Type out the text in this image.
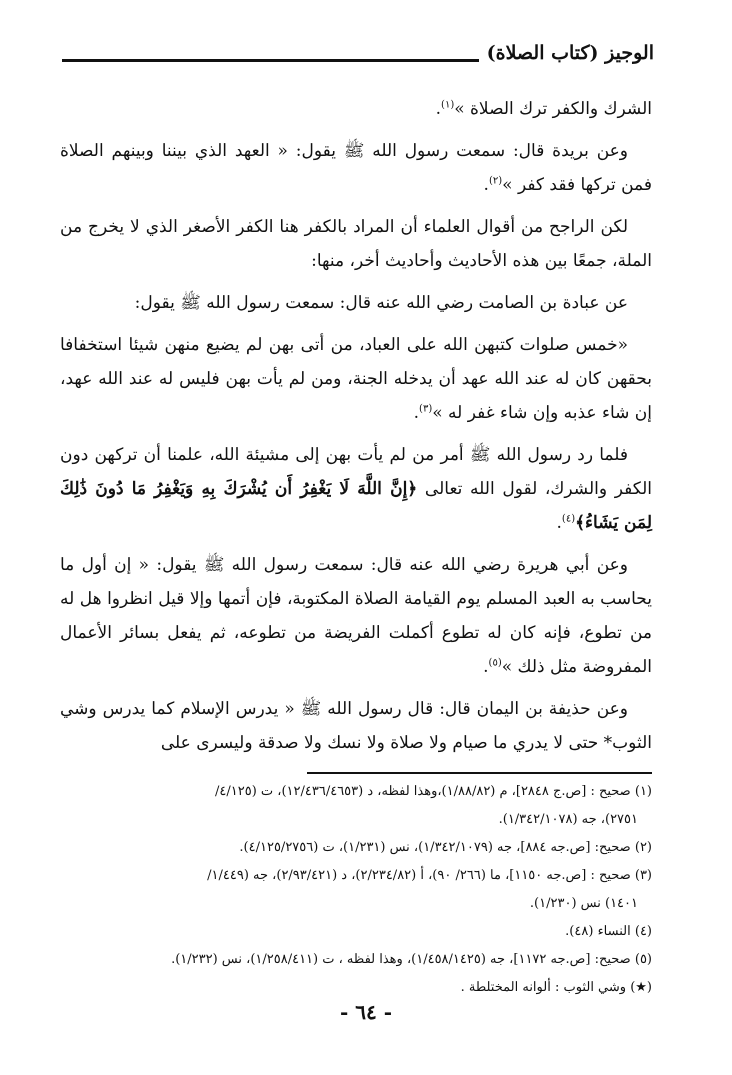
الوجيز (كتاب الصلاة)

الشرك والكفر ترك الصلاة »$^{(١)}$.

وعن بريدة قال: سمعت رسول الله ﷺ يقول: « العهد الذي بيننا وبينهم الصلاة فمن تركها فقد كفر »$^{(٢)}$.

لكن الراجح من أقوال العلماء أن المراد بالكفر هنا الكفر الأصغر الذي لا يخرج من الملة، جمعًا بين هذه الأحاديث وأحاديث أخر، منها:

عن عبادة بن الصامت رضي الله عنه قال: سمعت رسول الله ﷺ يقول:

«خمس صلوات كتبهن الله على العباد، من أتى بهن لم يضيع منهن شيئا استخفافا بحقهن كان له عند الله عهد أن يدخله الجنة، ومن لم يأت بهن فليس له عند الله عهد، إن شاء عذبه وإن شاء غفر له »$^{(٣)}$.

فلما رد رسول الله ﷺ أمر من لم يأت بهن إلى مشيئة الله، علمنا أن تركهن دون الكفر والشرك، لقول الله تعالى ﴿إِنَّ اللَّهَ لَا يَغْفِرُ أَن يُشْرَكَ بِهِ وَيَغْفِرُ مَا دُونَ ذَٰلِكَ لِمَن يَشَاءُ﴾$^{(٤)}$.

وعن أبي هريرة رضي الله عنه قال: سمعت رسول الله ﷺ يقول: « إن أول ما يحاسب به العبد المسلم يوم القيامة الصلاة المكتوبة، فإن أتمها وإلا قيل انظروا هل له من تطوع، فإنه كان له تطوع أكملت الفريضة من تطوعه، ثم يفعل بسائر الأعمال المفروضة مثل ذلك »$^{(٥)}$.

وعن حذيفة بن اليمان قال: قال رسول الله ﷺ « يدرس الإسلام كما يدرس وشي الثوب* حتى لا يدري ما صيام ولا صلاة ولا نسك ولا صدقة وليسرى على

(١) صحيح : [ص.ج ٢٨٤٨]، م (١/٨٨/٨٢)،وهذا لفظه، د (١٢/٤٣٦/٤٦٥٣)، ت (٤/١٢٥/
٢٧٥١)، جه (١/٣٤٢/١٠٧٨).
(٢) صحيح: [ص.جه ٨٨٤]، جه (١/٣٤٢/١٠٧٩)، نس (١/٢٣١)، ت (٤/١٢٥/٢٧٥٦).
(٣) صحيح : [ص.جه ١١٥٠]، ما (٢٦٦/ ٩٠)، أ (٢/٢٣٤/٨٢)، د (٢/٩٣/٤٢١)، جه (١/٤٤٩/
١٤٠١) نس (١/٢٣٠).
(٤) النساء (٤٨).
(٥) صحيح: [ص.جه ١١٧٢]، جه (١/٤٥٨/١٤٢٥)، وهذا لفظه ، ت (١/٢٥٨/٤١١)، نس (١/٢٣٢).
(★) وشي الثوب : ألوانه المختلطة .
- ٦٤ -
